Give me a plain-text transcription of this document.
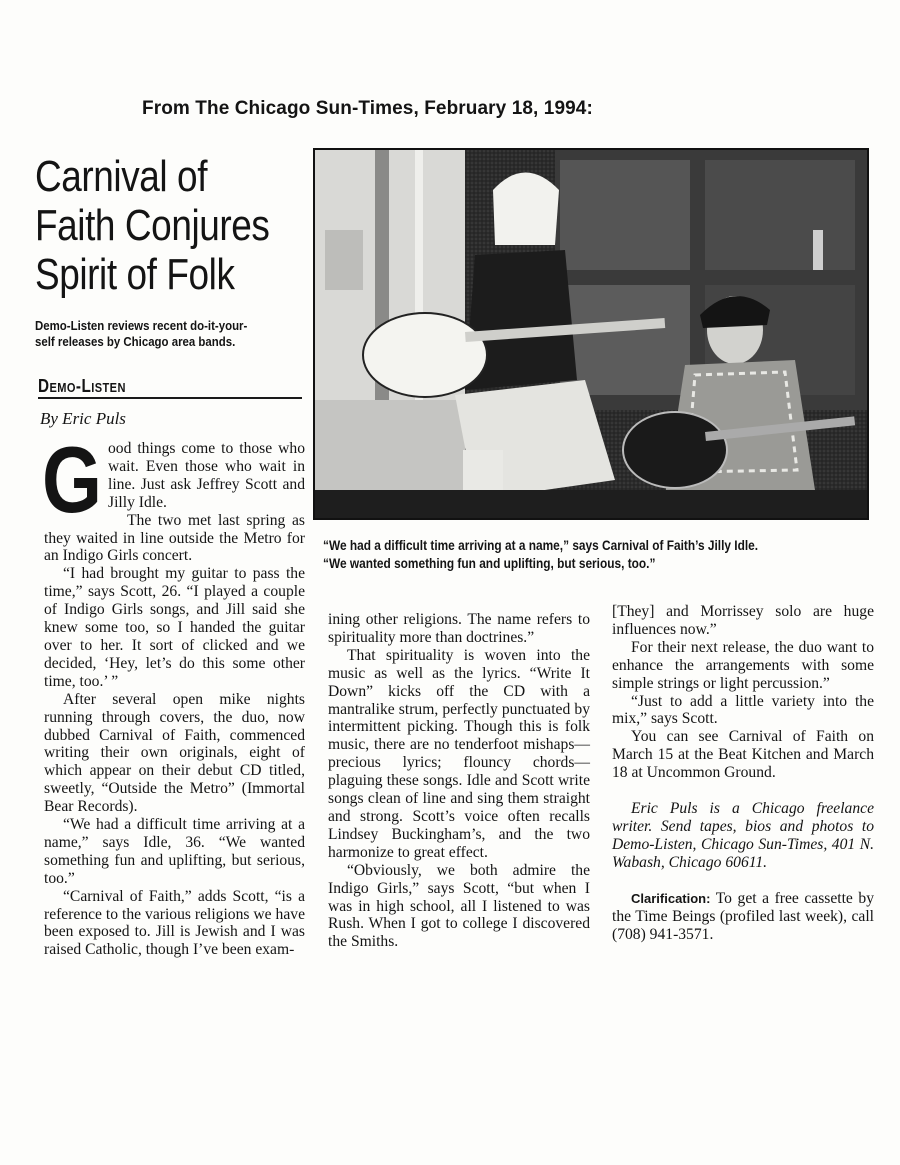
From The Chicago Sun-Times, February 18, 1994:
Carnival of
Faith Conjures
Spirit of Folk
Demo-Listen reviews recent do-it-your-
self releases by Chicago area bands.
Demo-Listen
By Eric Puls
“We had a difficult time arriving at a name,” says Carnival of Faith’s Jilly Idle.
“We wanted something fun and uplifting, but serious, too.”
G ood things come to those who wait. Even those who wait in line. Just ask Jeffrey Scott and Jilly Idle.

The two met last spring as they waited in line outside the Metro for an Indigo Girls concert.

“I had brought my guitar to pass the time,” says Scott, 26. “I played a couple of Indigo Girls songs, and Jill said she knew some too, so I handed the guitar over to her. It sort of clicked and we decided, ‘Hey, let’s do this some other time, too.’ ”

After several open mike nights running through covers, the duo, now dubbed Carnival of Faith, commenced writing their own originals, eight of which appear on their debut CD titled, sweetly, “Outside the Metro” (Immortal Bear Records).

“We had a difficult time arriving at a name,” says Idle, 36. “We wanted something fun and uplifting, but serious, too.”

“Carnival of Faith,” adds Scott, “is a reference to the various religions we have been exposed to. Jill is Jewish and I was raised Catholic, though I’ve been exam-

ining other religions. The name refers to spirituality more than doctrines.”

That spirituality is woven into the music as well as the lyrics. “Write It Down” kicks off the CD with a mantralike strum, perfectly punctuated by intermittent picking. Though this is folk music, there are no tenderfoot mishaps—precious lyrics; flouncy chords—plaguing these songs. Idle and Scott write songs clean of line and sing them straight and strong. Scott’s voice often recalls Lindsey Buckingham’s, and the two harmonize to great effect.

“Obviously, we both admire the Indigo Girls,” says Scott, “but when I was in high school, all I listened to was Rush. When I got to college I discovered the Smiths.

[They] and Morrissey solo are huge influences now.”

For their next release, the duo want to enhance the arrangements with some simple strings or light percussion.”

“Just to add a little variety into the mix,” says Scott.

You can see Carnival of Faith on March 15 at the Beat Kitchen and March 18 at Uncommon Ground.

Eric Puls is a Chicago freelance writer. Send tapes, bios and photos to Demo-Listen, Chicago Sun-Times, 401 N. Wabash, Chicago 60611.

Clarification: To get a free cassette by the Time Beings (profiled last week), call (708) 941-3571.
